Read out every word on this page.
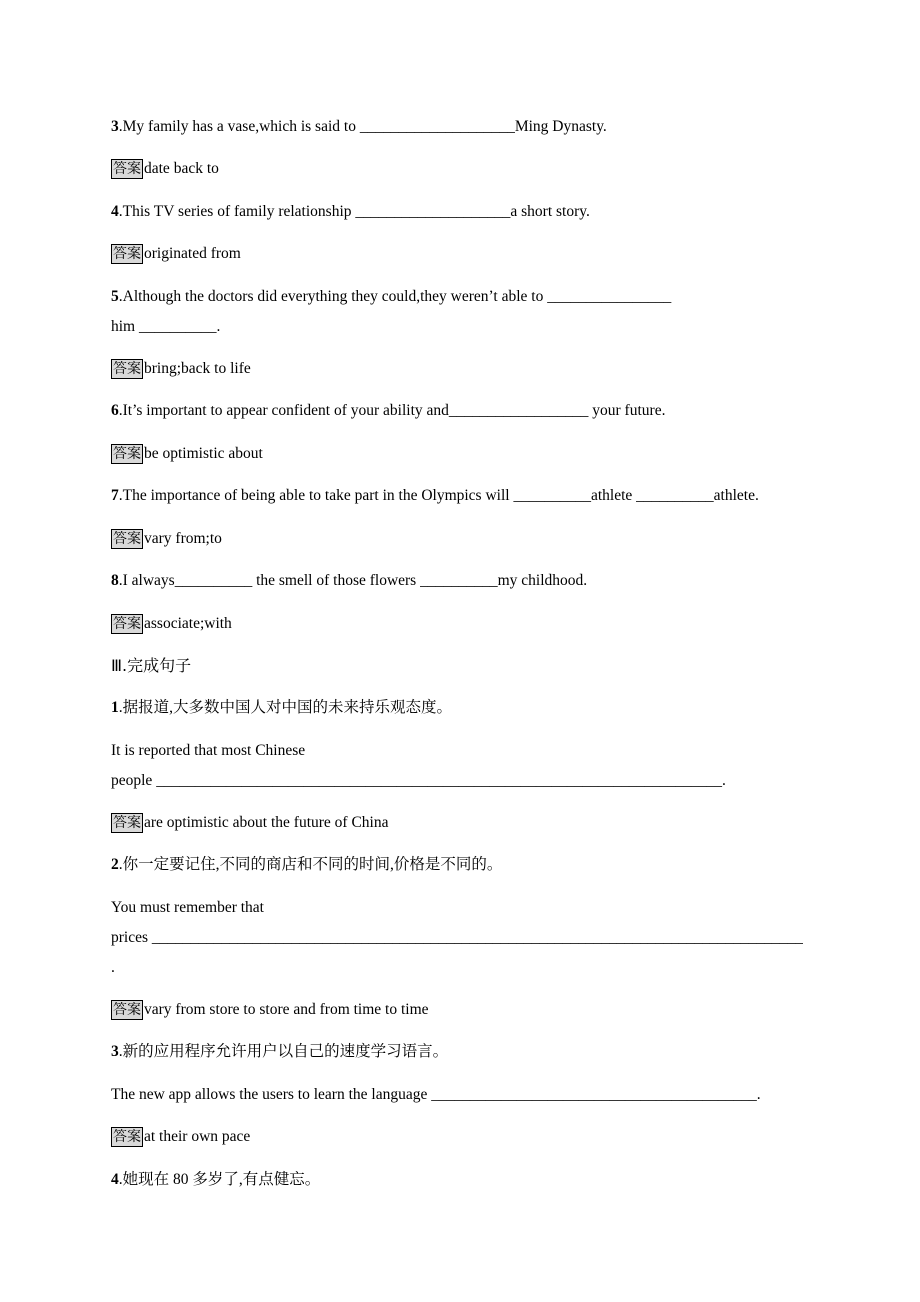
3.My family has a vase,which is said to ____________________Ming Dynasty.
答案 date back to
4.This TV series of family relationship ____________________a short story.
答案 originated from
5.Although the doctors did everything they could,they weren’t able to ________________
him __________.
答案 bring;back to life
6.It’s important to appear confident of your ability and__________________ your future.
答案 be optimistic about
7.The importance of being able to take part in the Olympics will __________athlete __________athlete.
答案 vary from;to
8.I always__________ the smell of those flowers __________my childhood.
答案 associate;with
Ⅲ.完成句子
1.据报道,大多数中国人对中国的未来持乐观态度。
It is reported that most Chinese
people _________________________________________________________________________.
答案 are optimistic about the future of China
2.你一定要记住,不同的商店和不同的时间,价格是不同的。
You must remember that
prices ____________________________________________________________________________________
.
答案 vary from store to store and from time to time
3.新的应用程序允许用户以自己的速度学习语言。
The new app allows the users to learn the language __________________________________________.
答案 at their own pace
4.她现在 80 多岁了,有点健忘。
